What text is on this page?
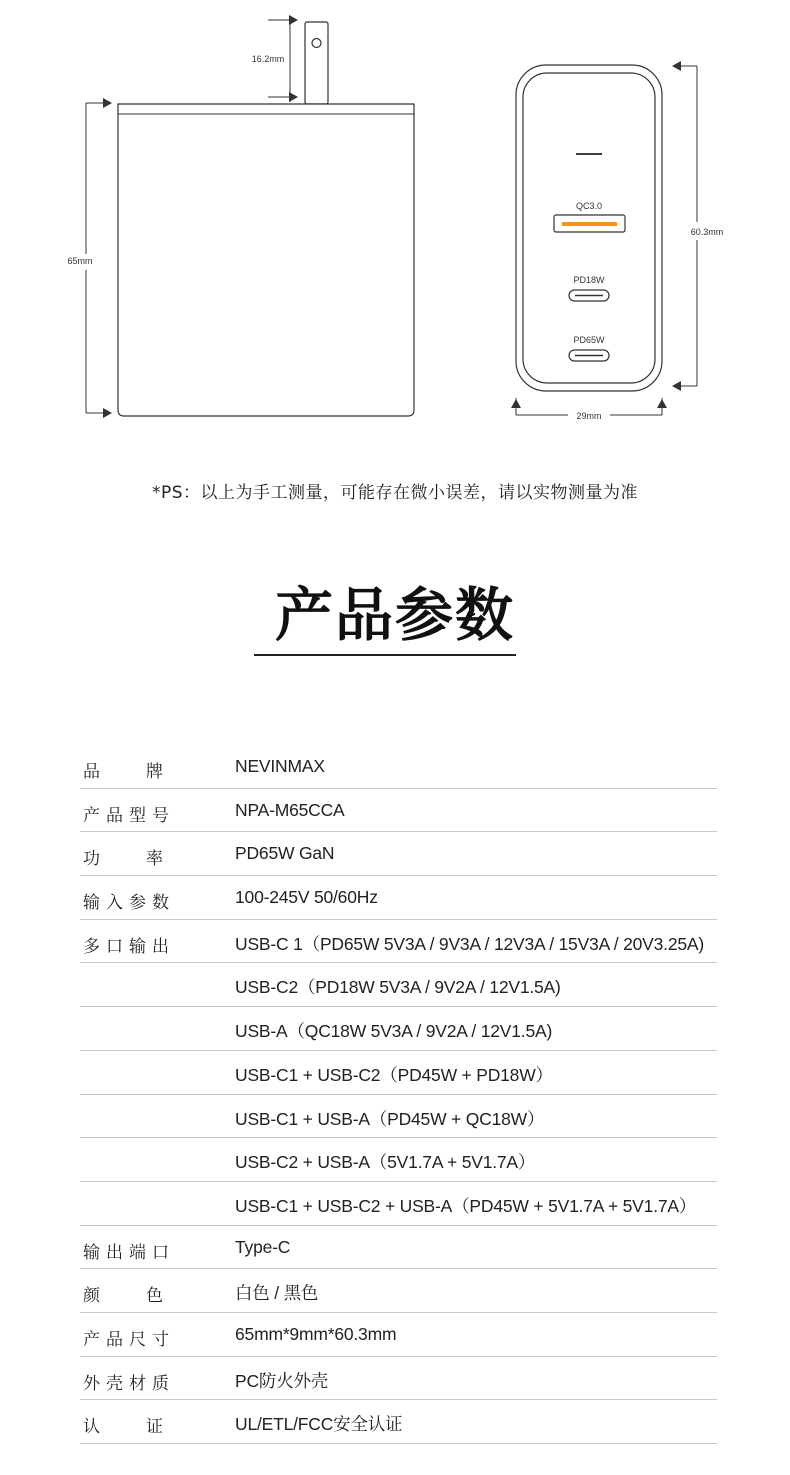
16.2mm
65mm
QC3.0
PD18W
PD65W
60.3mm
29mm
*PS：以上为手工测量，可能存在微小误差，请以实物测量为准
产品参数
品	牌	NEVINMAX
产品型号	NPA-M65CCA
功	率	PD65W GaN
输入参数	100-245V 50/60Hz
多口输出	USB-C 1（PD65W 5V3A / 9V3A / 12V3A / 15V3A / 20V3.25A)
USB-C2（PD18W 5V3A / 9V2A / 12V1.5A)
USB-A（QC18W 5V3A / 9V2A / 12V1.5A)
USB-C1 + USB-C2（PD45W + PD18W）
USB-C1 + USB-A（PD45W + QC18W）
USB-C2 + USB-A（5V1.7A + 5V1.7A）
USB-C1 + USB-C2 + USB-A（PD45W + 5V1.7A + 5V1.7A）
输出端口	Type-C
颜	色	白色 / 黑色
产品尺寸	65mm*9mm*60.3mm
外壳材质	PC防火外壳
认	证	UL/ETL/FCC安全认证
